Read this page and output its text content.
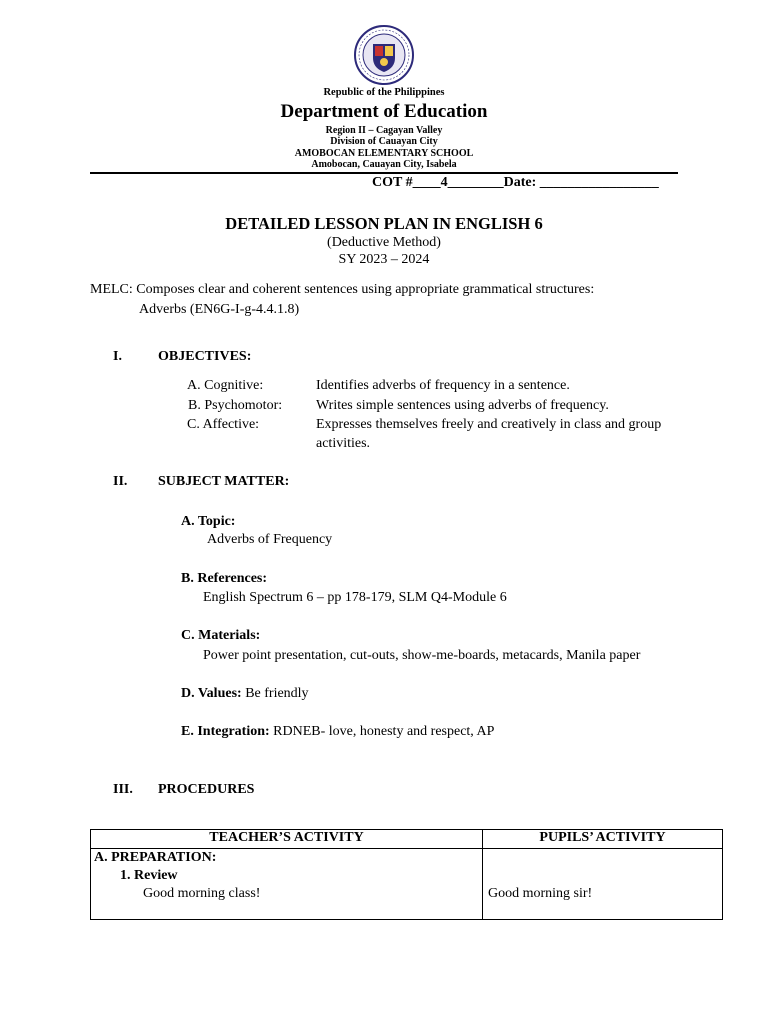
Republic of the Philippines
Department of Education
Region II – Cagayan Valley
Division of Cauayan City
AMOBOCAN ELEMENTARY SCHOOL
Amobocan, Cauayan City, Isabela
COT #____4________Date: _________________
DETAILED LESSON PLAN IN ENGLISH 6
(Deductive Method)
SY 2023 – 2024
MELC: Composes clear and coherent sentences using appropriate grammatical structures:
Adverbs (EN6G-I-g-4.4.1.8)
I.	OBJECTIVES:
A. Cognitive:	Identifies adverbs of frequency in a sentence.
B. Psychomotor: Writes simple sentences using adverbs of frequency.
C. Affective:	Expresses themselves freely and creatively in class and group
activities.
II. SUBJECT MATTER:
A. Topic:
Adverbs of Frequency
B. References:
English Spectrum 6 – pp 178-179, SLM Q4-Module 6
C. Materials:
Power point presentation, cut-outs, show-me-boards, metacards, Manila paper
D. Values: Be friendly
E. Integration: RDNEB- love, honesty and respect, AP
III. PROCEDURES
TEACHER’S ACTIVITY	PUPILS’ ACTIVITY

A. PREPARATION:
1. Review
Good morning class!	Good morning sir!
